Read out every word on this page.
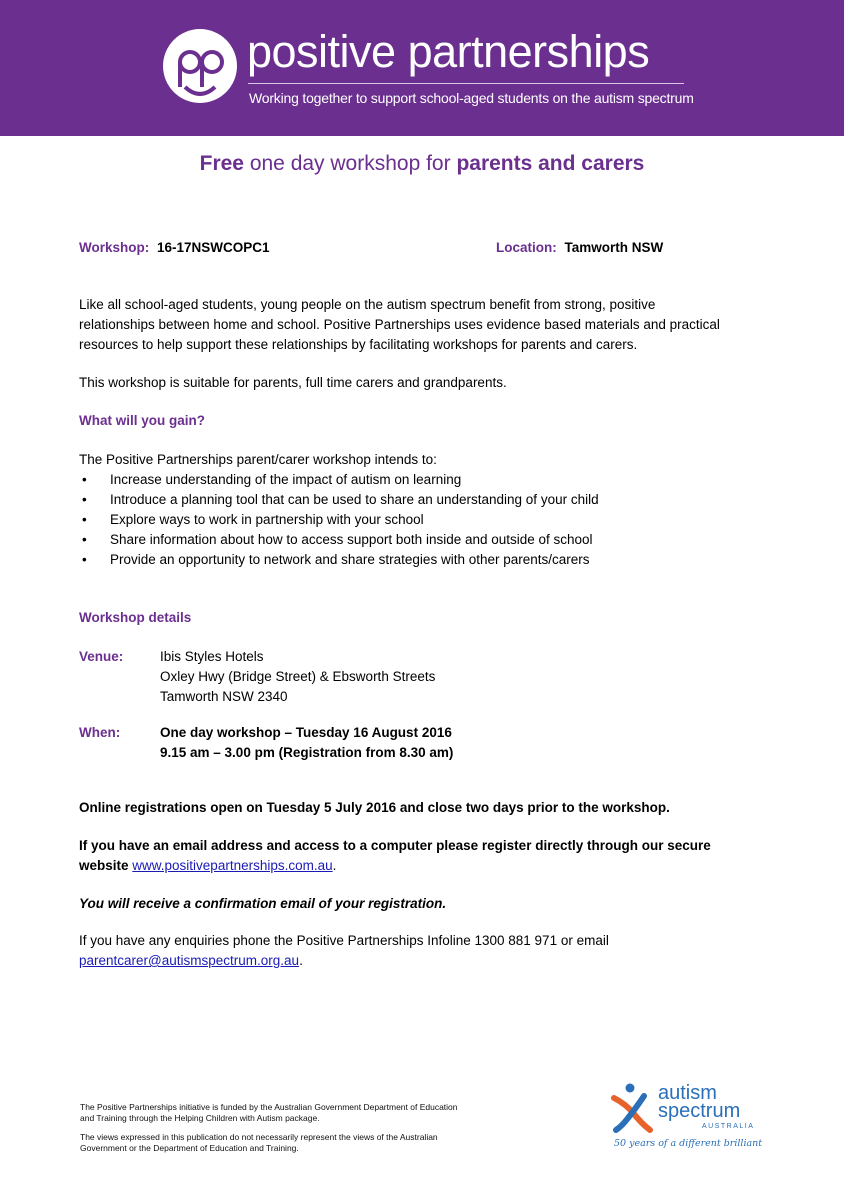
positive partnerships
Working together to support school-aged students on the autism spectrum
Free one day workshop for parents and carers
Workshop: 16-17NSWCOPC1	Location: Tamworth NSW
Like all school-aged students, young people on the autism spectrum benefit from strong, positive
relationships between home and school. Positive Partnerships uses evidence based materials and practical
resources to help support these relationships by facilitating workshops for parents and carers.
This workshop is suitable for parents, full time carers and grandparents.
What will you gain?
The Positive Partnerships parent/carer workshop intends to:
• Increase understanding of the impact of autism on learning
• Introduce a planning tool that can be used to share an understanding of your child
• Explore ways to work in partnership with your school
• Share information about how to access support both inside and outside of school
• Provide an opportunity to network and share strategies with other parents/carers
Workshop details
Venue:	Ibis Styles Hotels
Oxley Hwy (Bridge Street) & Ebsworth Streets
Tamworth NSW 2340
When:	One day workshop – Tuesday 16 August 2016
9.15 am – 3.00 pm (Registration from 8.30 am)
Online registrations open on Tuesday 5 July 2016 and close two days prior to the workshop.
If you have an email address and access to a computer please register directly through our secure
website www.positivepartnerships.com.au.
You will receive a confirmation email of your registration.
If you have any enquiries phone the Positive Partnerships Infoline 1300 881 971 or email
parentcarer@autismspectrum.org.au.
The Positive Partnerships initiative is funded by the Australian Government Department of Education
and Training through the Helping Children with Autism package.
The views expressed in this publication do not necessarily represent the views of the Australian
Government or the Department of Education and Training.
autism
spectrum
AUSTRALIA
50 years of a different brilliant
